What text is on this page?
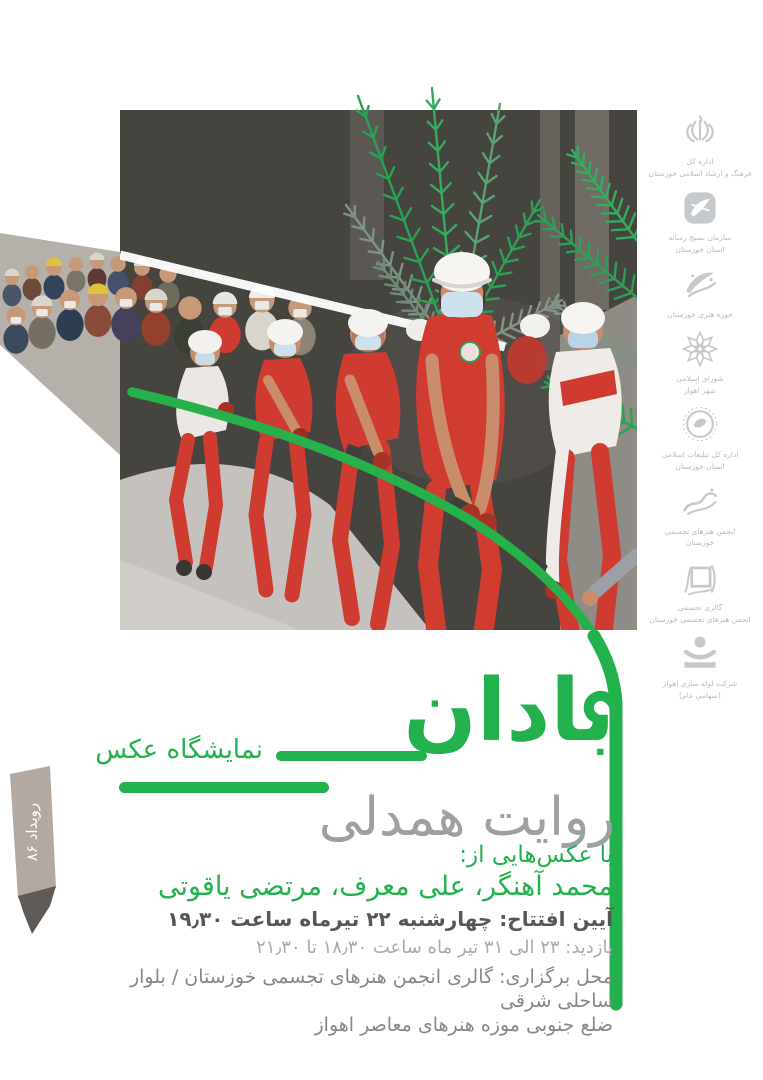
رویداد ۸۶
نمایشگاه عکس بادان
روایت همدلی
با عکس‌هایی از:
محمد آهنگر، علی معرف، مرتضی یاقوتی
آیین افتتاح: چهارشنبه ۲۲ تیرماه ساعت ۱۹٫۳۰
بازدید: ۲۳ الی ۳۱ تیر ماه ساعت ۱۸٫۳۰ تا ۲۱٫۳۰
محل برگزاری: گالری انجمن هنرهای تجسمی خوزستان / بلوار ساحلی شرقی
ضلع جنوبی موزه هنرهای معاصر اهواز
اداره کل
فرهنگ و ارشاد اسلامی خوزستان
سازمان بسیج رسانه
استان خوزستان
حوزه هنری خوزستان
شورای اسلامی
شهر اهواز
اداره کل تبلیغات اسلامی
استان خوزستان
انجمن هنرهای تجسمی
خوزستان
گالری تجسمی
انجمن هنرهای تجسمی خوزستان
شرکت لوله سازی اهواز
(سهامی عام)
